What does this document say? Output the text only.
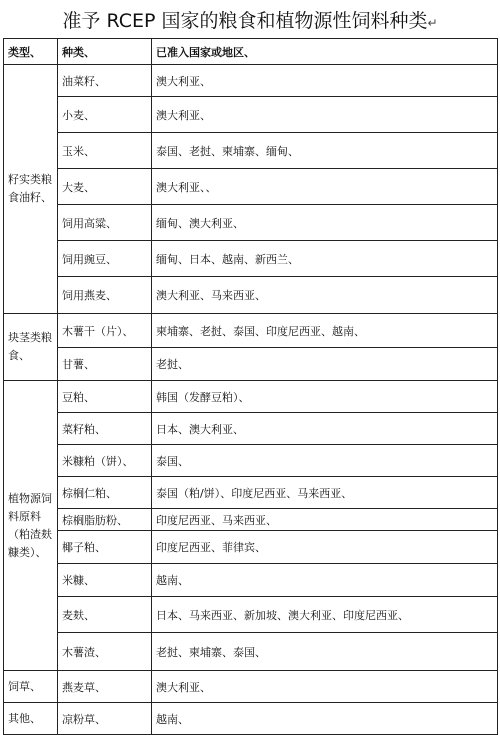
准予 RCEP 国家的粮食和植物源性饲料种类↵
类型、	种类、	已准入国家或地区、
籽实类粮食油籽、	油菜籽、	澳大利亚、
	小麦、	澳大利亚、
	玉米、	泰国、老挝、柬埔寨、缅甸、
	大麦、	澳大利亚、、
	饲用高粱、	缅甸、澳大利亚、
	饲用豌豆、	缅甸、日本、越南、新西兰、
	饲用燕麦、	澳大利亚、马来西亚、
块茎类粮食、	木薯干（片）、	柬埔寨、老挝、泰国、印度尼西亚、越南、
	甘薯、	老挝、
植物源饲料原料（粕渣麸糠类）、	豆粕、	韩国（发酵豆粕）、
	菜籽粕、	日本、澳大利亚、
	米糠粕（饼）、	泰国、
	棕榈仁粕、	泰国（粕/饼）、印度尼西亚、马来西亚、
	棕榈脂肪粉、	印度尼西亚、马来西亚、
	椰子粕、	印度尼西亚、菲律宾、
	米糠、	越南、
	麦麸、	日本、马来西亚、新加坡、澳大利亚、印度尼西亚、
	木薯渣、	老挝、柬埔寨、泰国、
饲草、	燕麦草、	澳大利亚、
其他、	凉粉草、	越南、
